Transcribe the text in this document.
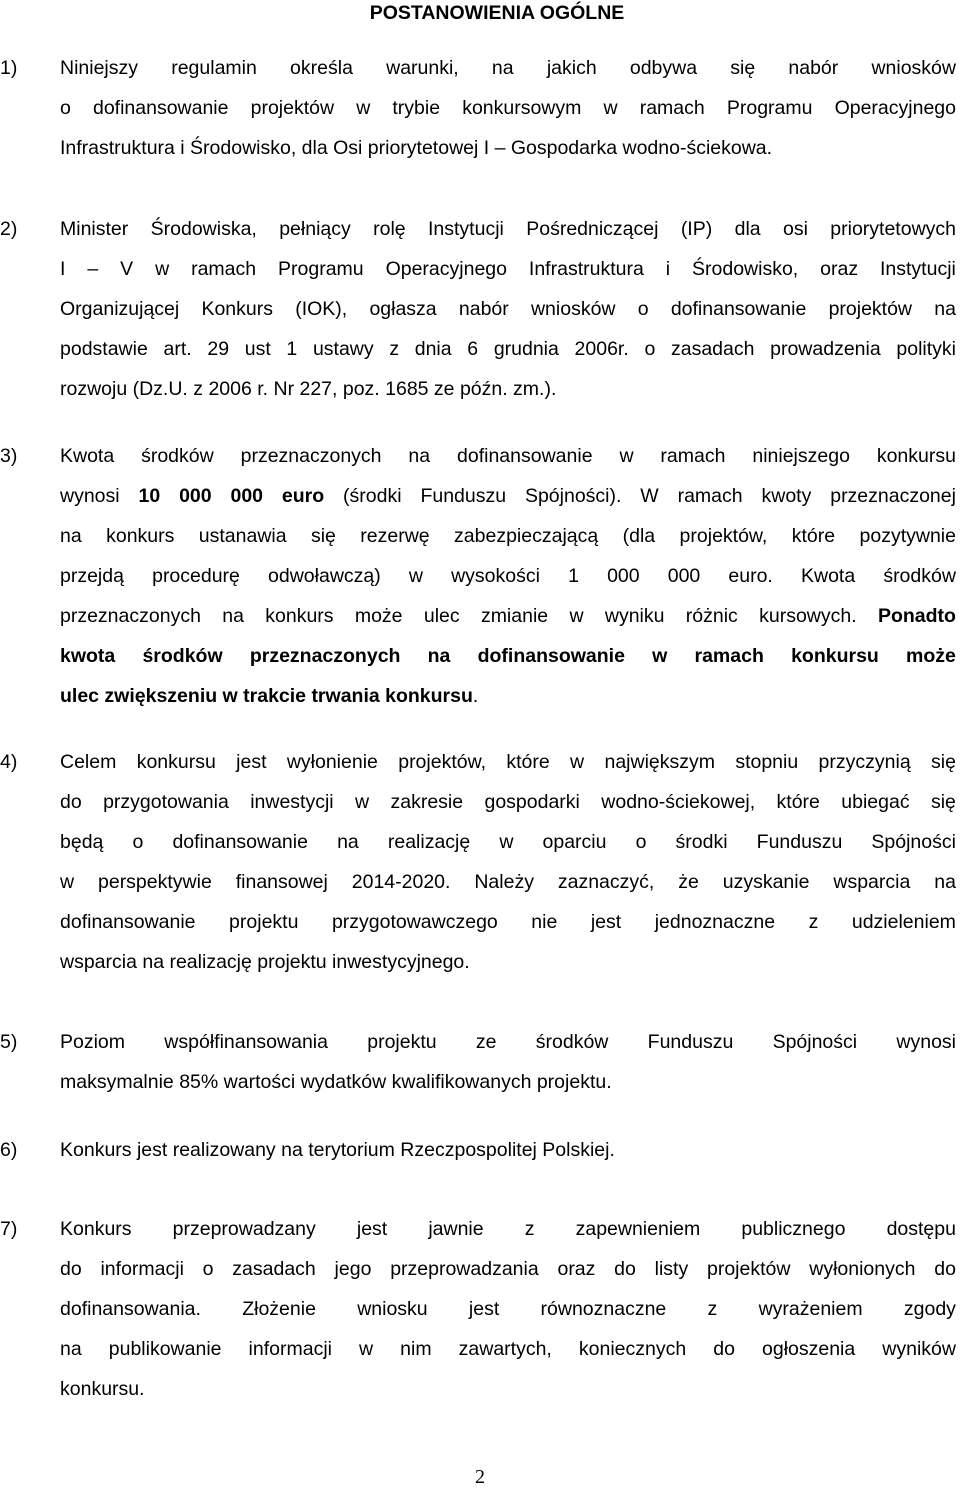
POSTANOWIENIA OGÓLNE
1) Niniejszy regulamin określa warunki, na jakich odbywa się nabór wniosków
o dofinansowanie projektów w trybie konkursowym w ramach Programu Operacyjnego
Infrastruktura i Środowisko, dla Osi priorytetowej I – Gospodarka wodno-ściekowa.
2) Minister Środowiska, pełniący rolę Instytucji Pośredniczącej (IP) dla osi priorytetowych
I – V w ramach Programu Operacyjnego Infrastruktura i Środowisko, oraz Instytucji
Organizującej Konkurs (IOK), ogłasza nabór wniosków o dofinansowanie projektów na
podstawie art. 29 ust 1 ustawy z dnia 6 grudnia 2006r. o zasadach prowadzenia polityki
rozwoju (Dz.U. z 2006 r. Nr 227, poz. 1685 ze późn. zm.).
3) Kwota środków przeznaczonych na dofinansowanie w ramach niniejszego konkursu
wynosi 10 000 000 euro (środki Funduszu Spójności). W ramach kwoty przeznaczonej
na konkurs ustanawia się rezerwę zabezpieczającą (dla projektów, które pozytywnie
przejdą procedurę odwoławczą) w wysokości 1 000 000 euro. Kwota środków
przeznaczonych na konkurs może ulec zmianie w wyniku różnic kursowych. Ponadto
kwota środków przeznaczonych na dofinansowanie w ramach konkursu może
ulec zwiększeniu w trakcie trwania konkursu.
4) Celem konkursu jest wyłonienie projektów, które w największym stopniu przyczynią się
do przygotowania inwestycji w zakresie gospodarki wodno-ściekowej, które ubiegać się
będą o dofinansowanie na realizację w oparciu o środki Funduszu Spójności
w perspektywie finansowej 2014-2020. Należy zaznaczyć, że uzyskanie wsparcia na
dofinansowanie projektu przygotowawczego nie jest jednoznaczne z udzieleniem
wsparcia na realizację projektu inwestycyjnego.
5) Poziom współfinansowania projektu ze środków Funduszu Spójności wynosi
maksymalnie 85% wartości wydatków kwalifikowanych projektu.
6) Konkurs jest realizowany na terytorium Rzeczpospolitej Polskiej.
7) Konkurs przeprowadzany jest jawnie z zapewnieniem publicznego dostępu
do informacji o zasadach jego przeprowadzania oraz do listy projektów wyłonionych do
dofinansowania. Złożenie wniosku jest równoznaczne z wyrażeniem zgody
na publikowanie informacji w nim zawartych, koniecznych do ogłoszenia wyników
konkursu.
2
